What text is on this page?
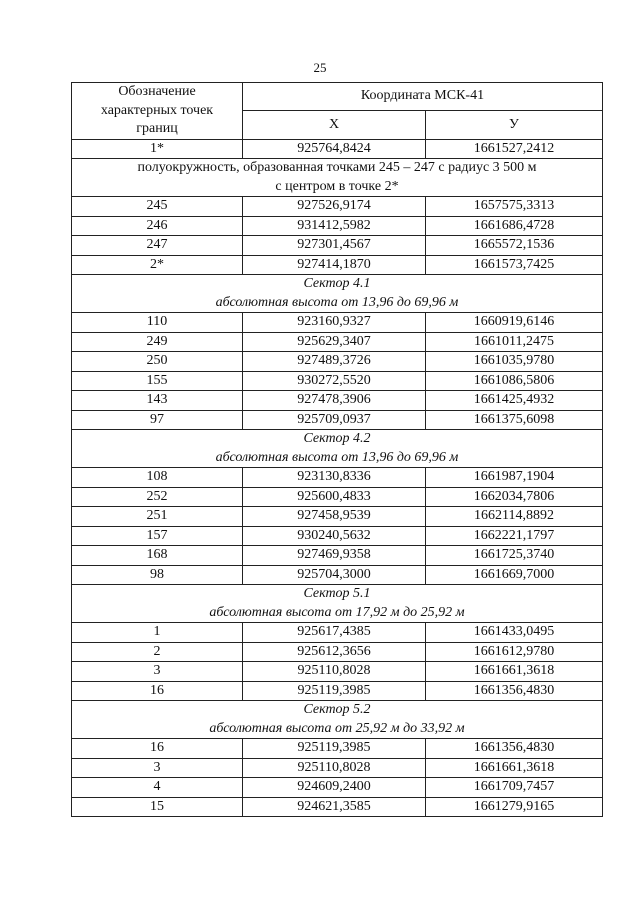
25
Обозначение
характерных точек
границ	Координата МСК-41	
	X	У
1*	925764,8424	1661527,2412

полуокружность, образованная точками 245 – 247 с радиус 3 500 м
с центром в точке 2*		

245	927526,9174	1657575,3313
246	931412,5982	1661686,4728
247	927301,4567	1665572,1536
2*	927414,1870	1661573,7425

Сектор 4.1
абсолютная высота от 13,96 до 69,96 м		

110	923160,9327	1660919,6146
249	925629,3407	1661011,2475
250	927489,3726	1661035,9780
155	930272,5520	1661086,5806
143	927478,3906	1661425,4932
97	925709,0937	1661375,6098

Сектор 4.2
абсолютная высота от 13,96 до 69,96 м		

108	923130,8336	1661987,1904
252	925600,4833	1662034,7806
251	927458,9539	1662114,8892
157	930240,5632	1662221,1797
168	927469,9358	1661725,3740
98	925704,3000	1661669,7000

Сектор 5.1
абсолютная высота от 17,92 м до 25,92 м		

1	925617,4385	1661433,0495
2	925612,3656	1661612,9780
3	925110,8028	1661661,3618
16	925119,3985	1661356,4830

Сектор 5.2
абсолютная высота от 25,92 м до 33,92 м		

16	925119,3985	1661356,4830
3	925110,8028	1661661,3618
4	924609,2400	1661709,7457
15	924621,3585	1661279,9165
